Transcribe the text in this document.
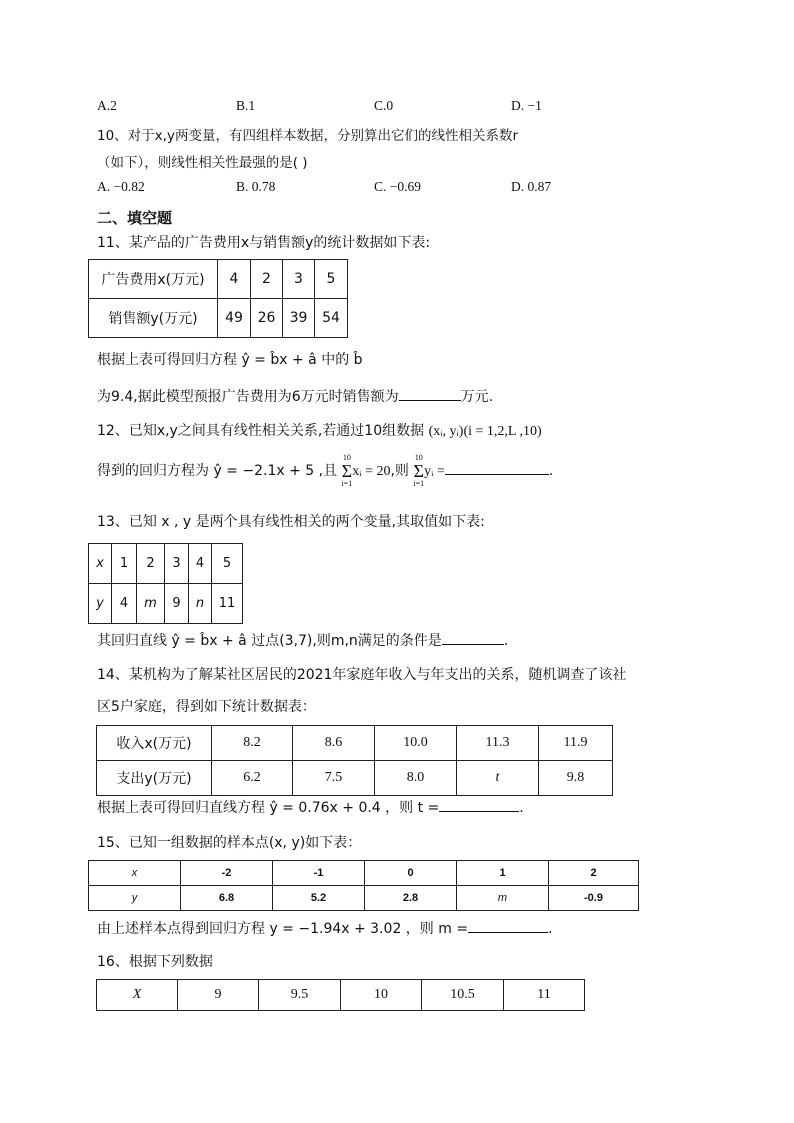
A.2	B.1	C.0	D. −1
10、对于x,y两变量，有四组样本数据，分别算出它们的线性相关系数r
（如下），则线性相关性最强的是( )
A. −0.82	B. 0.78	C. −0.69	D. 0.87
二、填空题
11、某产品的广告费用x与销售额y的统计数据如下表:
广告费用x(万元)	4	2	3	5
销售额y(万元)	49	26	39	54
根据上表可得回归方程 ŷ = b̂x + â 中的 b̂
为9.4,据此模型预报广告费用为6万元时销售额为	万元.
12、已知x,y之间具有线性相关关系,若通过10组数据 (xᵢ, yᵢ)(i = 1,2,L ,10)
得到的回归方程为 ŷ = −2.1x + 5 ,且
10
Σ
i=1
xᵢ = 20,则
10
Σ
i=1
yᵢ =	.
13、已知 x , y 是两个具有线性相关的两个变量,其取值如下表:
x	1	2	3	4	5
y	4	m	9	n	11
其回归直线 ŷ = b̂x + â 过点(3,7),则m,n满足的条件是	.
14、某机构为了解某社区居民的2021年家庭年收入与年支出的关系，随机调查了该社
区5户家庭，得到如下统计数据表：
收入x(万元)	8.2	8.6	10.0	11.3	11.9
支出y(万元)	6.2	7.5	8.0	t	9.8
根据上表可得回归直线方程 ŷ = 0.76x + 0.4 ，则 t =	.
15、已知一组数据的样本点(x, y)如下表：
x	-2	-1	0	1	2
y	6.8	5.2	2.8	m	-0.9
由上述样本点得到回归方程 y = −1.94x + 3.02 ，则 m =	.
16、根据下列数据
X	9	9.5	10	10.5	11
